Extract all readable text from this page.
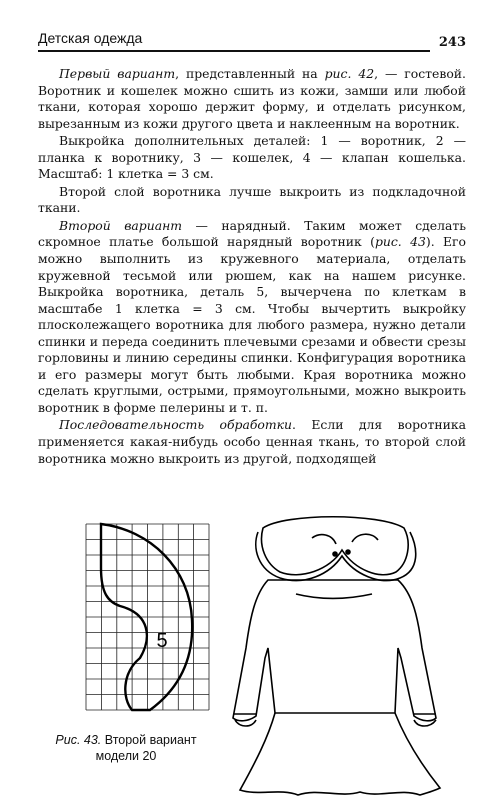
Детская одежда	243

Первый вариант, представленный на рис. 42, — гостевой. Воротник и кошелек можно сшить из кожи, замши или любой ткани, которая хорошо держит форму, и отделать рисунком, вырезанным из кожи другого цвета и наклеенным на воротник.

Выкройка дополнительных деталей: 1 — воротник, 2 — планка к воротнику, 3 — кошелек, 4 — клапан кошелька. Масштаб: 1 клетка = 3 см.

Второй слой воротника лучше выкроить из подкладочной ткани.

Второй вариант — нарядный. Таким может сделать скромное платье большой нарядный воротник (рис. 43). Его можно выполнить из кружевного материала, отделать кружевной тесьмой или рюшем, как на нашем рисунке. Выкройка воротника, деталь 5, вычерчена по клеткам в масштабе 1 клетка = 3 см. Чтобы вычертить выкройку плосколежащего воротника для любого размера, нужно детали спинки и переда соединить плечевыми срезами и обвести срезы горловины и линию середины спинки. Конфигурация воротника и его размеры могут быть любыми. Края воротника можно сделать круглыми, острыми, прямоугольными, можно выкроить воротник в форме пелерины и т. п.

Последовательность обработки. Если для воротника применяется какая-нибудь особо ценная ткань, то второй слой воротника можно выкроить из другой, подходящей

5
Рис. 43. Второй вариант модели 20
